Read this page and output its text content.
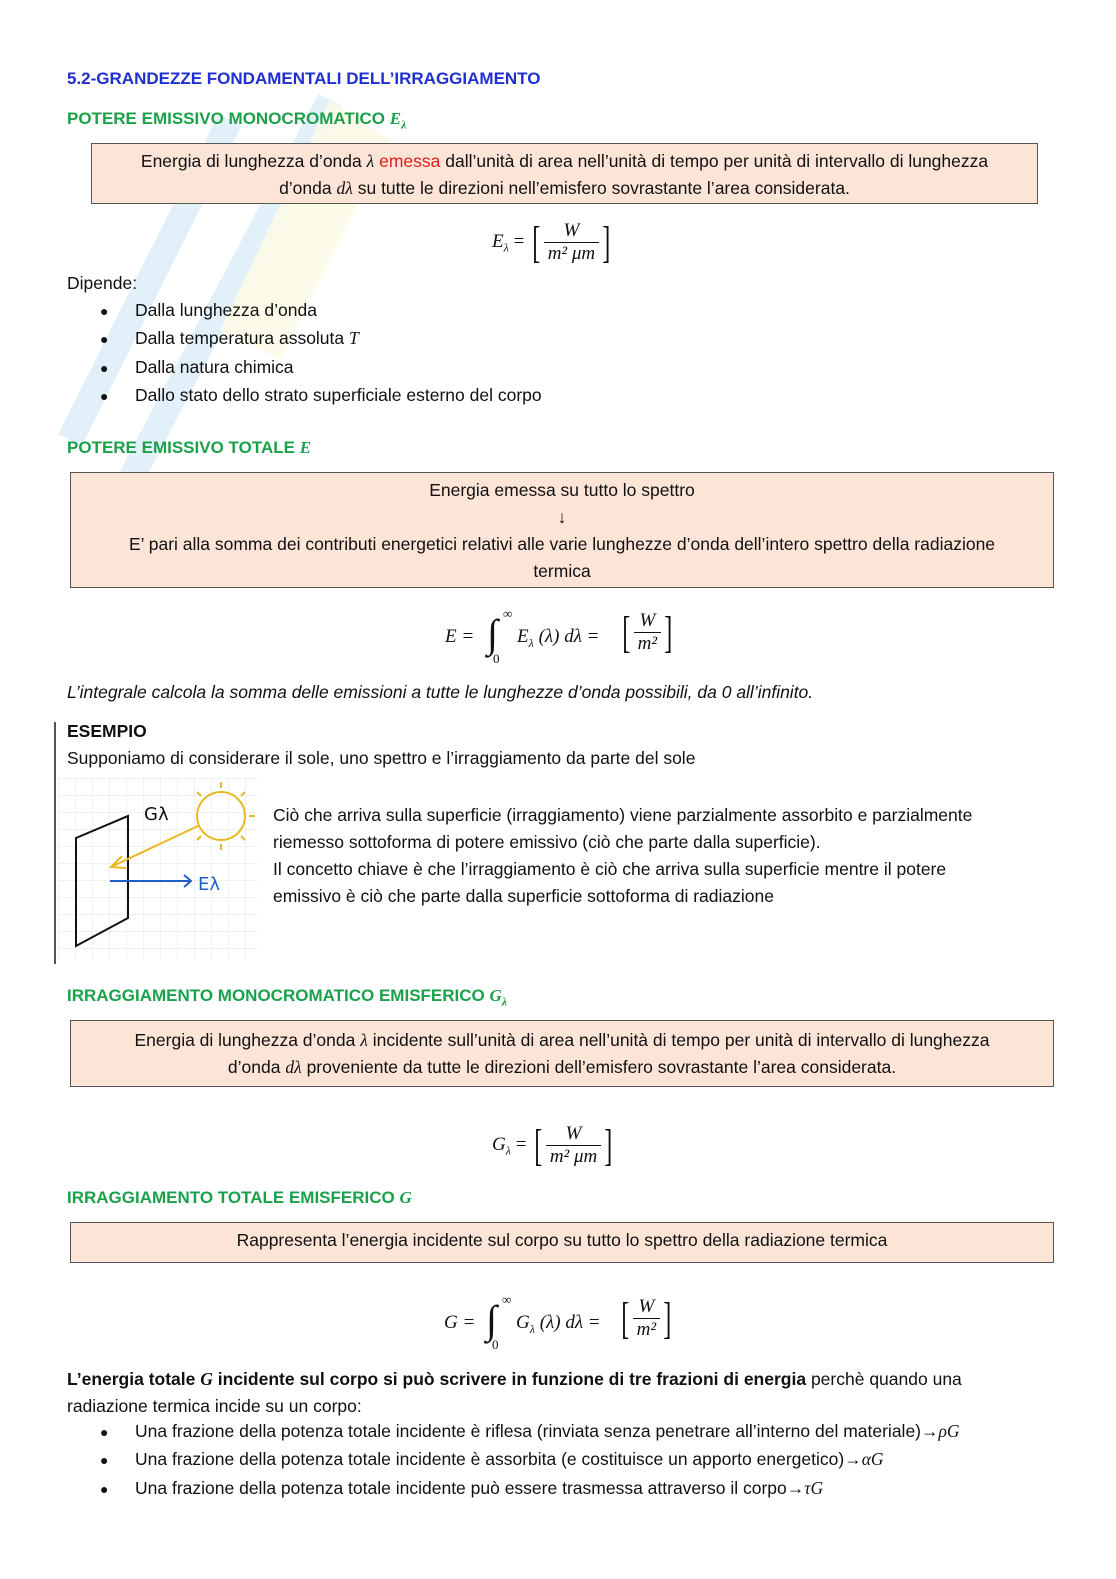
5.2-GRANDEZZE FONDAMENTALI DELL’IRRAGGIAMENTO
POTERE EMISSIVO MONOCROMATICO $E_\lambda$
Energia di lunghezza d’onda λ emessa dall’unità di area nell’unità di tempo per unità di intervallo di lunghezza
d’onda dλ su tutte le direzioni nell’emisfero sovrastante l’area considerata.
$E_\lambda$ = [ $\frac{W}{\text{m² μm}}$ ]
Dipende:
● Dalla lunghezza d’onda
● Dalla temperatura assoluta T
● Dalla natura chimica
● Dallo stato dello strato superficiale esterno del corpo
POTERE EMISSIVO TOTALE E
Energia emessa su tutto lo spettro
↓
E’ pari alla somma dei contributi energetici relativi alle varie lunghezze d’onda dell’intero spettro della radiazione
termica
E = ∫ ∞
0
$E_\lambda$ (λ) dλ = [ $\frac{W}{\text{m²}}$ ]
L’integrale calcola la somma delle emissioni a tutte le lunghezze d’onda possibili, da 0 all’infinito.
ESEMPIO
Supponiamo di considerare il sole, uno spettro e l’irraggiamento da parte del sole
Gλ
Eλ
Ciò che arriva sulla superficie (irraggiamento) viene parzialmente assorbito e parzialmente
riemesso sottoforma di potere emissivo (ciò che parte dalla superficie).
Il concetto chiave è che l’irraggiamento è ciò che arriva sulla superficie mentre il potere
emissivo è ciò che parte dalla superficie sottoforma di radiazione
IRRAGGIAMENTO MONOCROMATICO EMISFERICO $G_\lambda$
Energia di lunghezza d’onda λ incidente sull’unità di area nell’unità di tempo per unità di intervallo di lunghezza
d’onda dλ proveniente da tutte le direzioni dell’emisfero sovrastante l’area considerata.
$G_\lambda$ = [ $\frac{W}{\text{m² μm}}$ ]
IRRAGGIAMENTO TOTALE EMISFERICO G
Rappresenta l’energia incidente sul corpo su tutto lo spettro della radiazione termica
G = ∫ ∞
0
$G_\lambda$ (λ) dλ = [ $\frac{W}{\text{m²}}$ ]
L’energia totale G incidente sul corpo si può scrivere in funzione di tre frazioni di energia perchè quando una
radiazione termica incide su un corpo:
● Una frazione della potenza totale incidente è riflesa (rinviata senza penetrare all’interno del materiale)→ρG
● Una frazione della potenza totale incidente è assorbita (e costituisce un apporto energetico)→αG
● Una frazione della potenza totale incidente può essere trasmessa attraverso il corpo→τG
